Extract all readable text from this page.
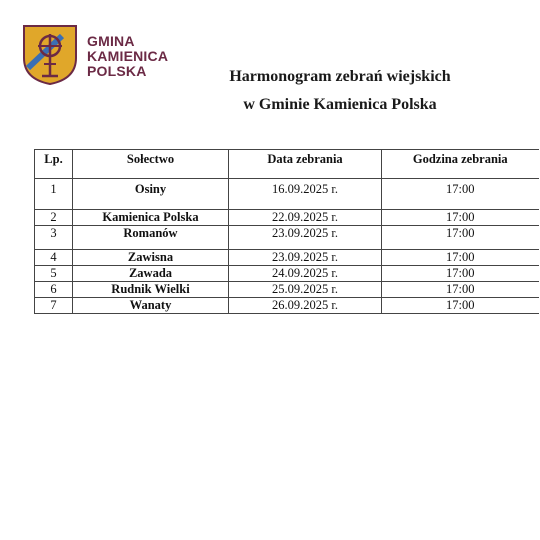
GMINA
KAMIENICA
POLSKA	Harmonogram zebrań wiejskich
w Gminie Kamienica Polska
Lp.	Sołectwo	Data zebrania	Godzina zebrania
1	Osiny	16.09.2025 r.	17:00
2	Kamienica Polska	22.09.2025 r.	17:00
3	Romanów	23.09.2025 r.	17:00
4	Zawisna	23.09.2025 r.	17:00
5	Zawada	24.09.2025 r.	17:00
6	Rudnik Wielki	25.09.2025 r.	17:00
7	Wanaty	26.09.2025 r.	17:00
